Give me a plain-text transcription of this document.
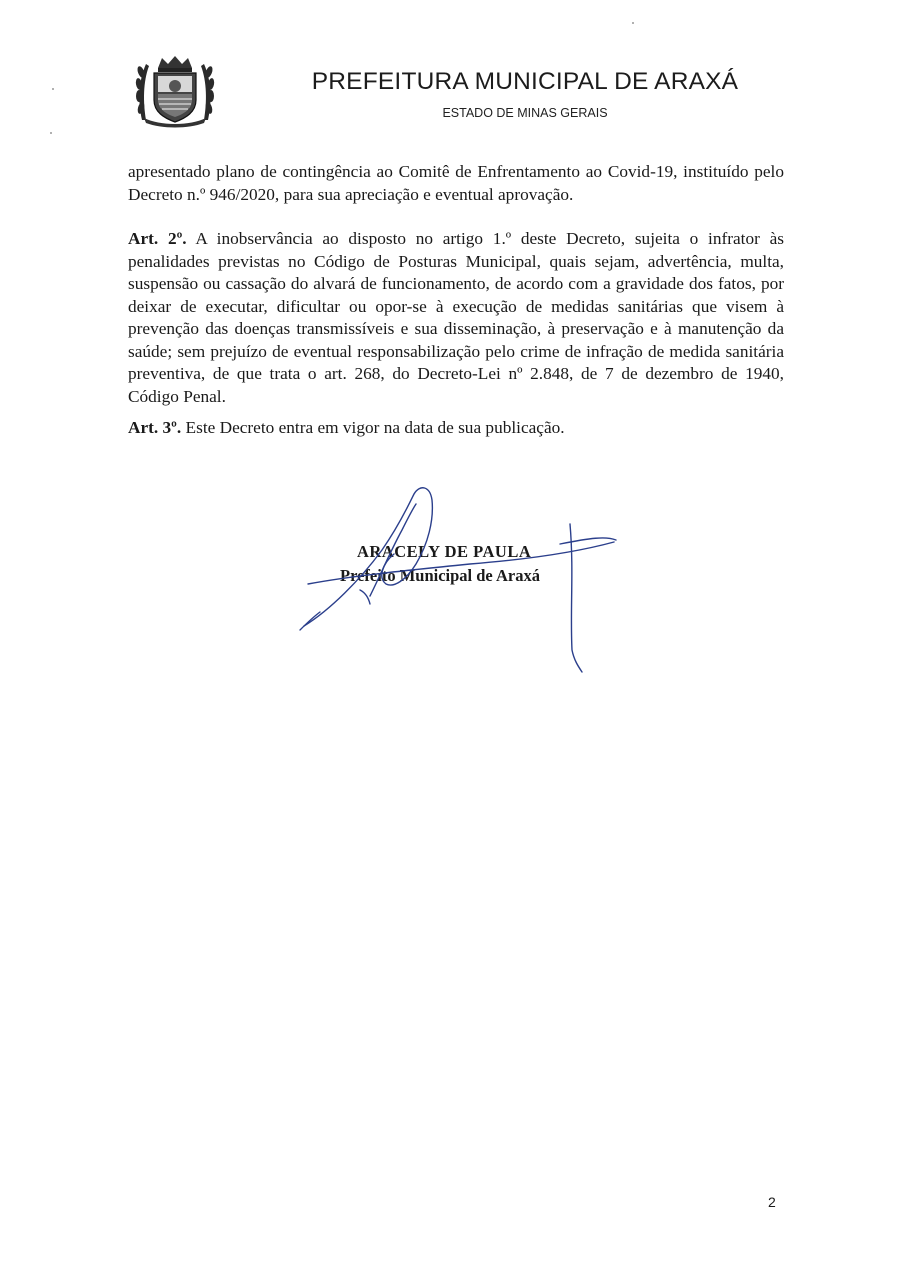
PREFEITURA MUNICIPAL DE ARAXÁ
ESTADO DE MINAS GERAIS

apresentado plano de contingência ao Comitê de Enfrentamento ao Covid-19, instituído pelo Decreto n.º 946/2020, para sua apreciação e eventual aprovação.

Art. 2º. A inobservância ao disposto no artigo 1.º deste Decreto, sujeita o infrator às penalidades previstas no Código de Posturas Municipal, quais sejam, advertência, multa, suspensão ou cassação do alvará de funcionamento, de acordo com a gravidade dos fatos, por deixar de executar, dificultar ou opor-se à execução de medidas sanitárias que visem à prevenção das doenças transmissíveis e sua disseminação, à preservação e à manutenção da saúde; sem prejuízo de eventual responsabilização pelo crime de infração de medida sanitária preventiva, de que trata o art. 268, do Decreto-Lei nº 2.848, de 7 de dezembro de 1940, Código Penal.

Art. 3º. Este Decreto entra em vigor na data de sua publicação.

ARACELY DE PAULA
Prefeito Municipal de Araxá
2
